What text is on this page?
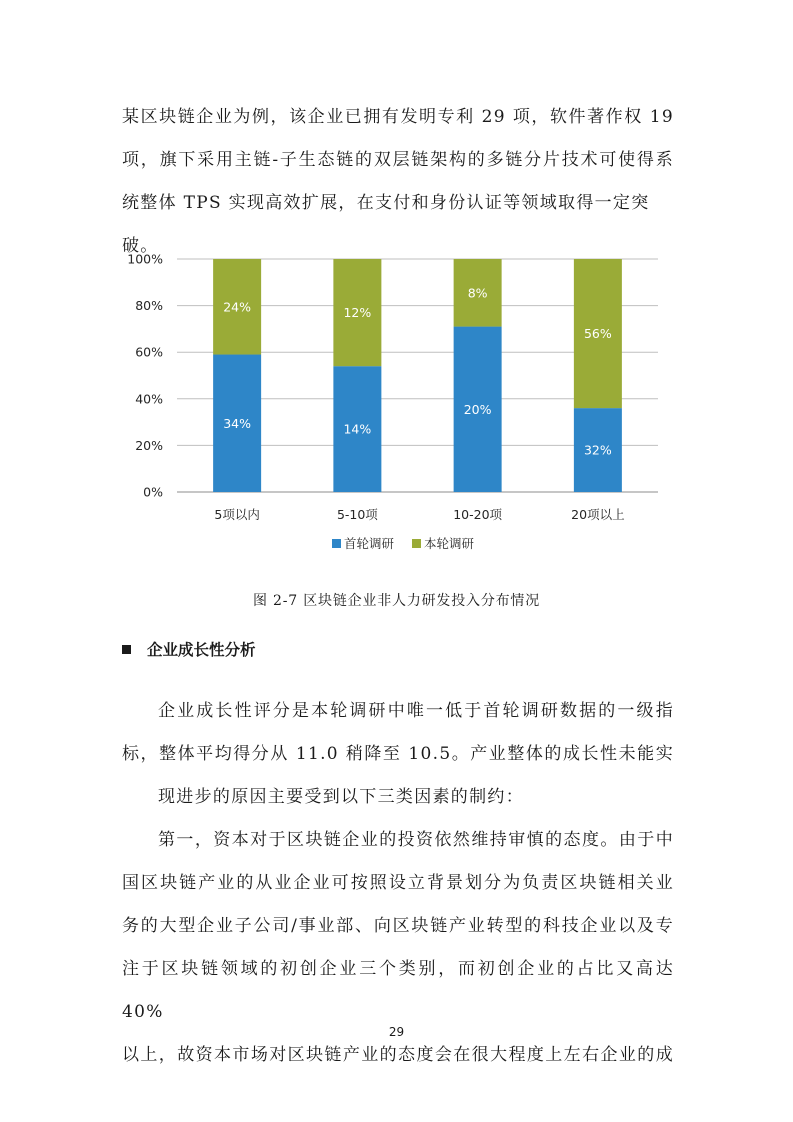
某区块链企业为例，该企业已拥有发明专利 29 项，软件著作权 19
项，旗下采用主链-子生态链的双层链架构的多链分片技术可使得系

统整体 TPS 实现高效扩展，在支付和身份认证等领域取得一定突破。

0%
20%
40%
60%
80%
100%
34%
24%
14%
12%
20%
8%
32%
56%
5项以内	5-10项	10-20项	20项以上
首轮调研 本轮调研
图 2-7 区块链企业非人力研发投入分布情况
企业成长性分析

企业成长性评分是本轮调研中唯一低于首轮调研数据的一级指
标，整体平均得分从 11.0 稍降至 10.5。产业整体的成长性未能实

现进步的原因主要受到以下三类因素的制约：

第一，资本对于区块链企业的投资依然维持审慎的态度。由于中
国区块链产业的从业企业可按照设立背景划分为负责区块链相关业
务的大型企业子公司/事业部、向区块链产业转型的科技企业以及专
注于区块链领域的初创企业三个类别，而初创企业的占比又高达 40%
以上，故资本市场对区块链产业的态度会在很大程度上左右企业的成

29
